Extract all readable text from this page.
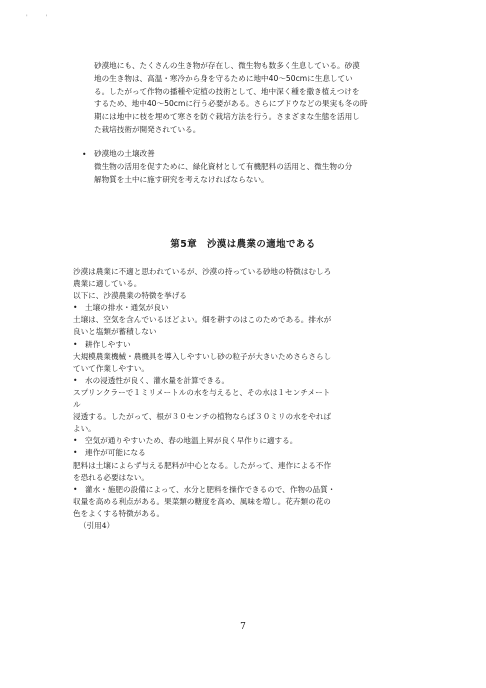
' '

砂漠地にも、たくさんの生き物が存在し、微生物も数多く生息している。砂漠

地の生き物は、高温・寒冷から身を守るために地中40〜50cmに生息してい

る。したがって作物の播種や定植の技術として、地中深く種を撒き植えつけを

するため、地中40〜50cmに行う必要がある。さらにブドウなどの果実も冬の時

期には地中に枝を埋めて寒さを防ぐ栽培方法を行う。さまざまな生態を活用し

た栽培技術が開発されている。

• 砂漠地の土壌改善

微生物の活用を促すために、緑化資材として有機肥料の活用と、微生物の分

解物質を土中に施す研究を考えなければならない。

第5章　沙漠は農業の適地である

沙漠は農業に不適と思われているが、沙漠の持っている砂地の特徴はむしろ

農業に適している。

以下に、沙漠農業の特徴を挙げる

• 土壌の排水・通気が良い

土壌は、空気を含んでいるほどよい。畑を耕すのはこのためである。排水が

良いと塩類が蓄積しない

• 耕作しやすい

大規模農業機械・農機具を導入しやすいし砂の粒子が大きいためさらさらし

ていて作業しやすい。

• 水の浸透性が良く、灌水量を計算できる。

スプリンクラーで１ミリメートルの水を与えると、その水は１センチメート

ル

浸透する。したがって、根が３０センチの植物ならば３０ミリの水をやれば

よい。

• 空気が通りやすいため、春の地温上昇が良く早作りに適する。

• 連作が可能になる

肥料は土壌によらず与える肥料が中心となる。したがって、連作による不作

を恐れる必要はない。

• 灌水・施肥の設備によって、水分と肥料を操作できるので、作物の品質・

収量を高める利点がある。果菜類の糖度を高め、風味を増し。花卉類の花の

色をよくする特徴がある。

（引用4）

7
